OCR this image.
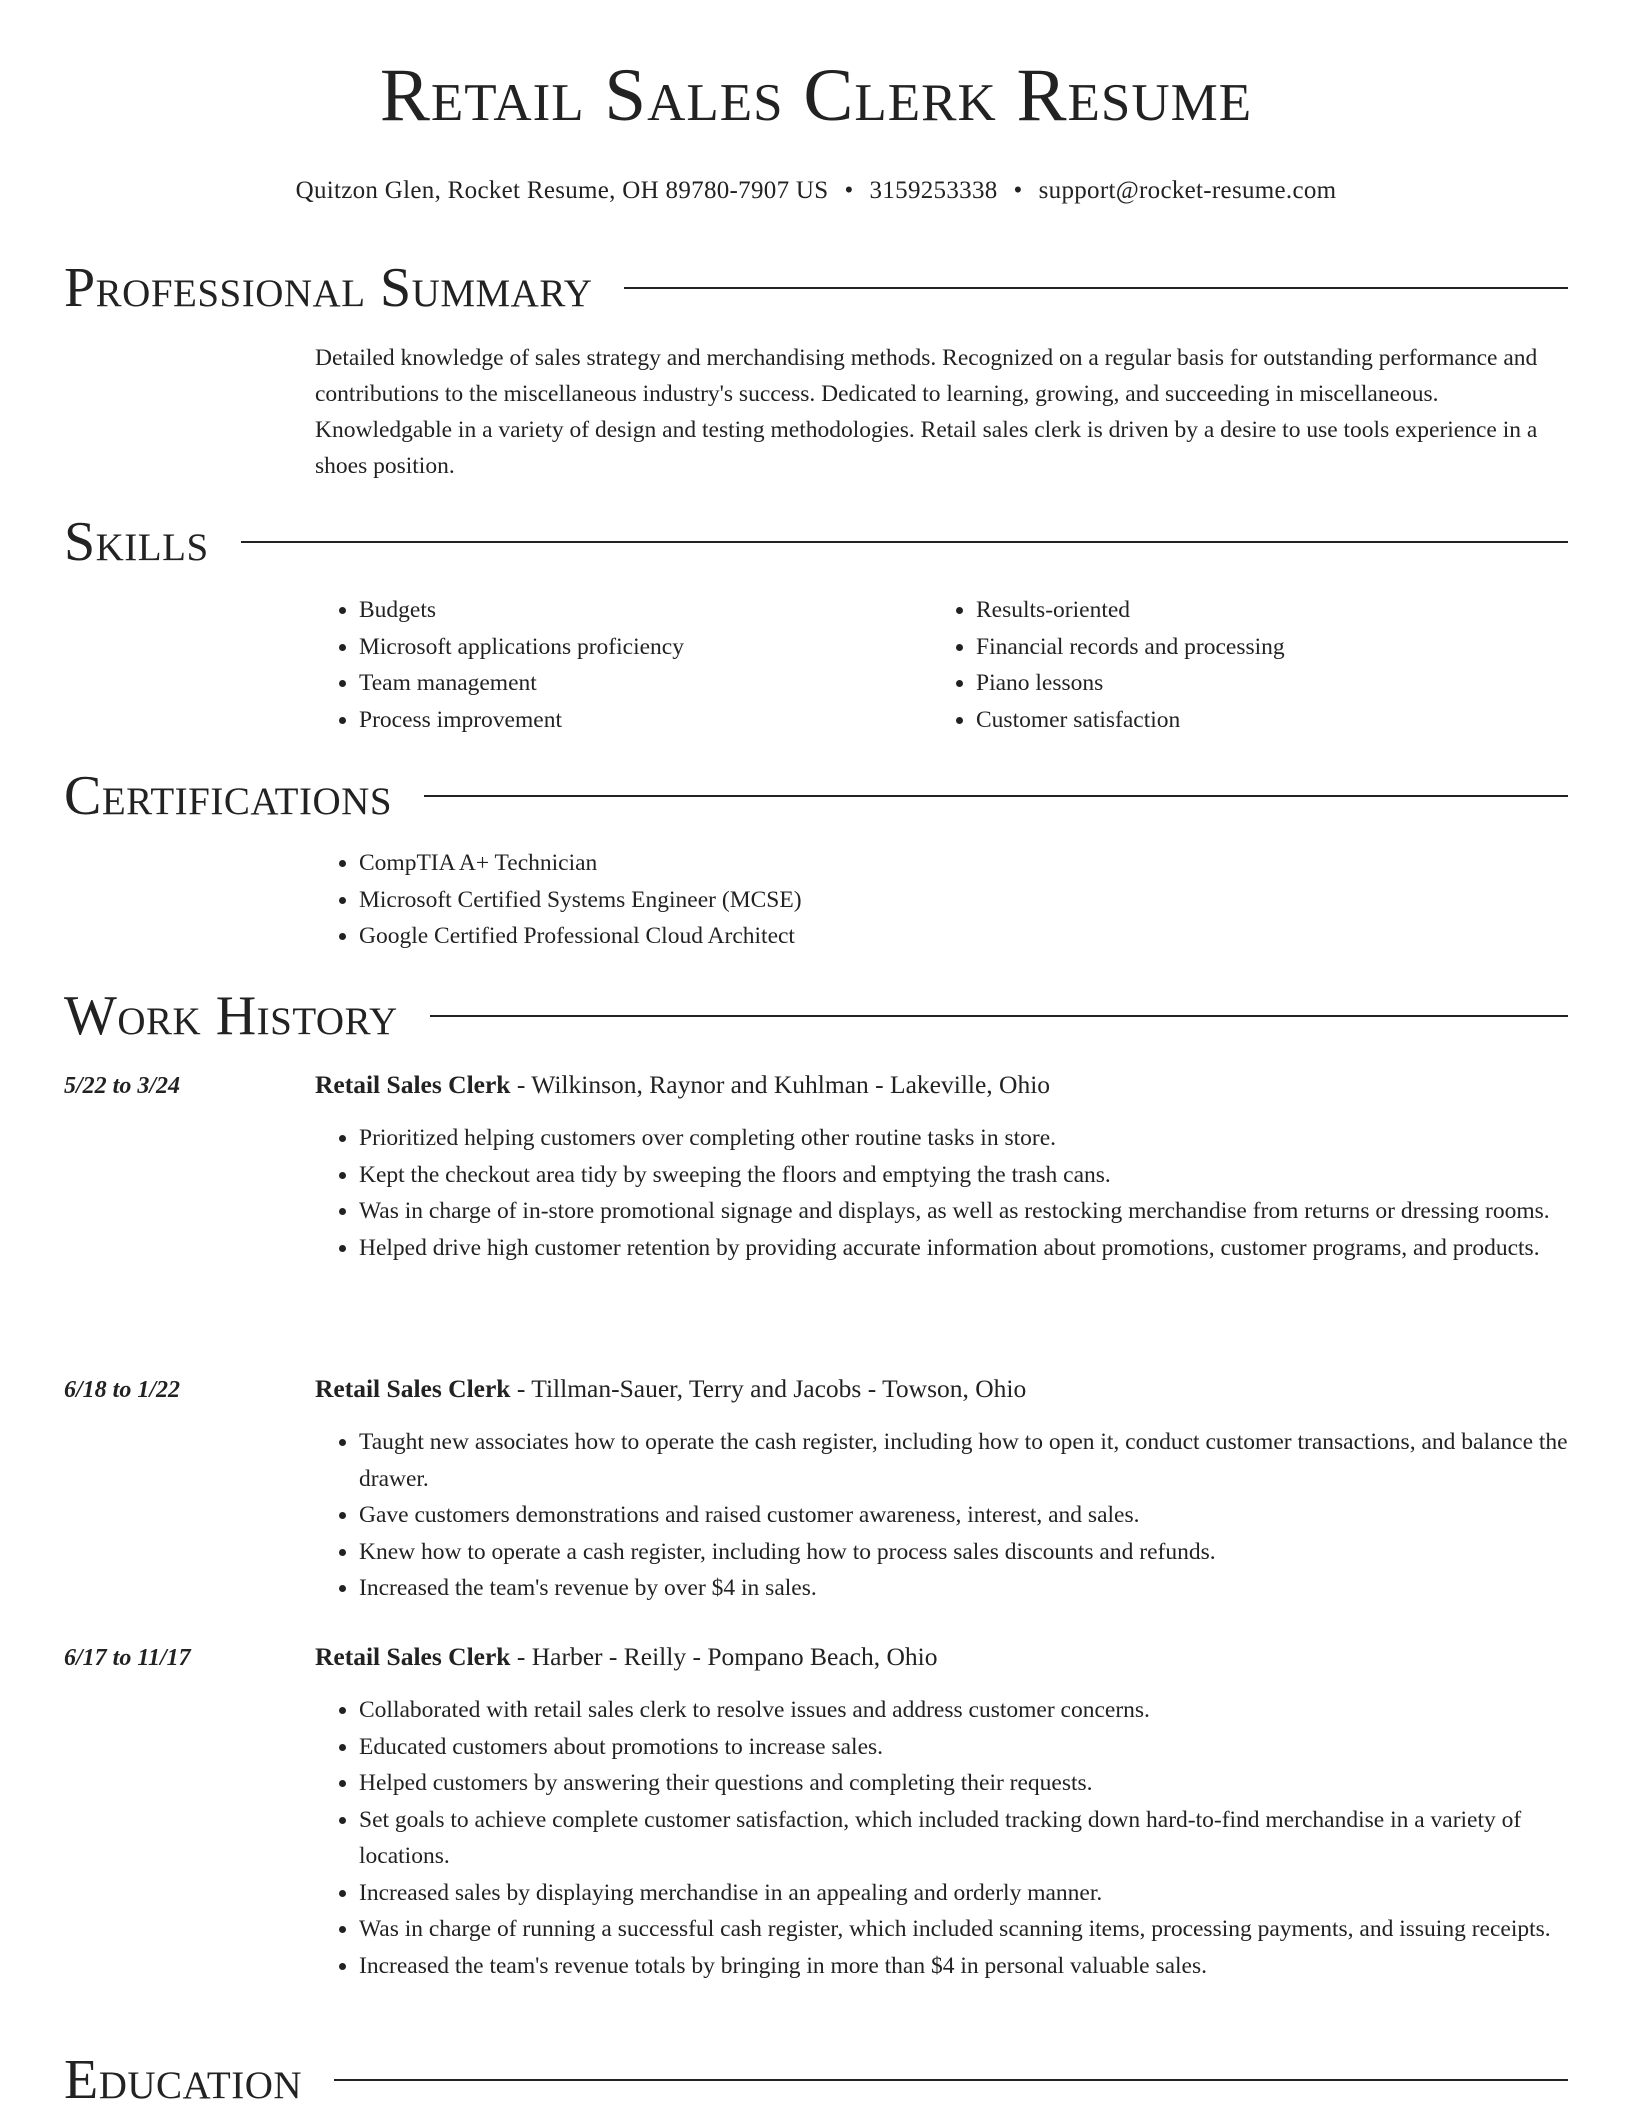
Retail Sales Clerk Resume
Quitzon Glen, Rocket Resume, OH 89780-7907 US • 3159253338 • support@rocket-resume.com
Professional Summary

Detailed knowledge of sales strategy and merchandising methods. Recognized on a regular basis for outstanding performance and contributions to the miscellaneous industry's success. Dedicated to learning, growing, and succeeding in miscellaneous. Knowledgable in a variety of design and testing methodologies. Retail sales clerk is driven by a desire to use tools experience in a shoes position.

Skills
• Budgets
• Microsoft applications proficiency
• Team management
• Process improvement
• Results-oriented
• Financial records and processing
• Piano lessons
• Customer satisfaction
Certifications
• CompTIA A+ Technician
• Microsoft Certified Systems Engineer (MCSE)
• Google Certified Professional Cloud Architect
Work History
5/22 to 3/24	Retail Sales Clerk - Wilkinson, Raynor and Kuhlman - Lakeville, Ohio
• Prioritized helping customers over completing other routine tasks in store.
• Kept the checkout area tidy by sweeping the floors and emptying the trash cans.
• Was in charge of in-store promotional signage and displays, as well as restocking merchandise from returns or dressing rooms.
• Helped drive high customer retention by providing accurate information about promotions, customer programs, and products.
6/18 to 1/22	Retail Sales Clerk - Tillman-Sauer, Terry and Jacobs - Towson, Ohio
• Taught new associates how to operate the cash register, including how to open it, conduct customer transactions, and balance the drawer.
• Gave customers demonstrations and raised customer awareness, interest, and sales.
• Knew how to operate a cash register, including how to process sales discounts and refunds.
• Increased the team's revenue by over $4 in sales.
6/17 to 11/17	Retail Sales Clerk - Harber - Reilly - Pompano Beach, Ohio
• Collaborated with retail sales clerk to resolve issues and address customer concerns.
• Educated customers about promotions to increase sales.
• Helped customers by answering their questions and completing their requests.
• Set goals to achieve complete customer satisfaction, which included tracking down hard-to-find merchandise in a variety of locations.
• Increased sales by displaying merchandise in an appealing and orderly manner.
• Was in charge of running a successful cash register, which included scanning items, processing payments, and issuing receipts.
• Increased the team's revenue totals by bringing in more than $4 in personal valuable sales.
Education
